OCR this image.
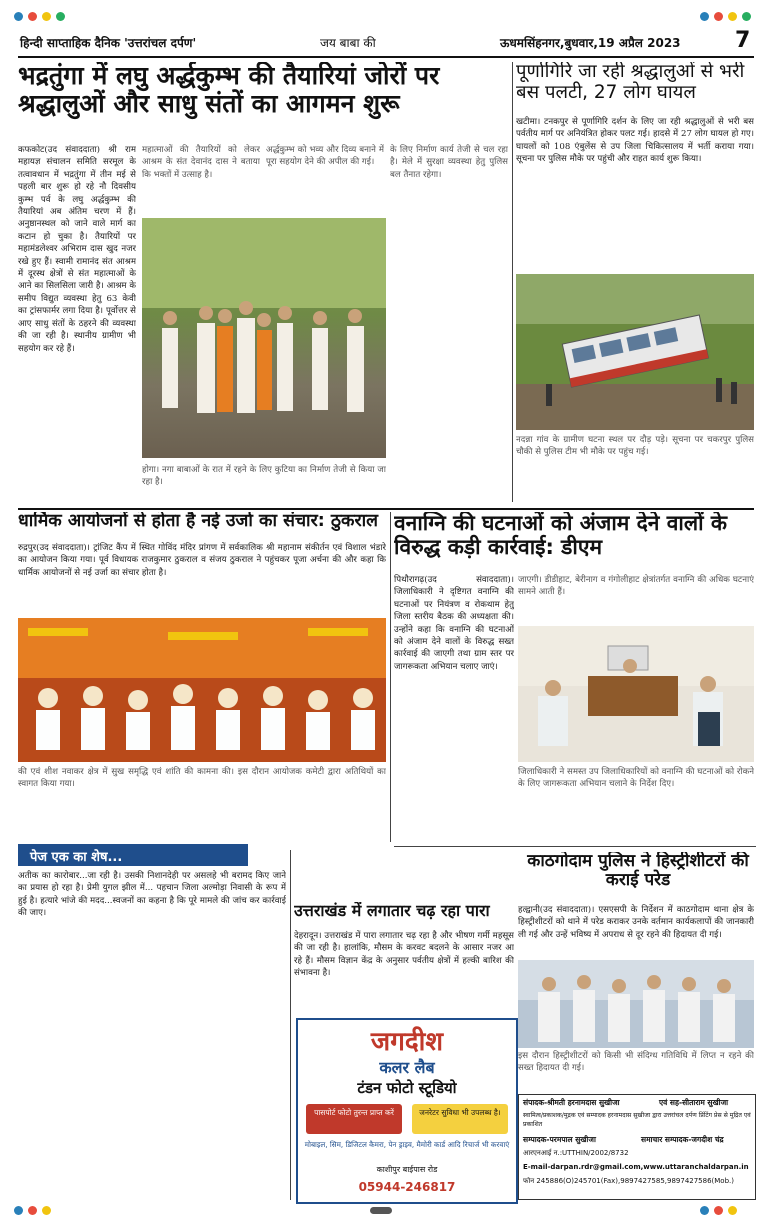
हिन्दी साप्ताहिक दैनिक 'उत्तरांचल दर्पण'	जय बाबा की	ऊधमसिंहनगर,बुधवार,19 अप्रैल 2023 7
भद्रतुंगा में लघु अर्द्धकुम्भ की तैयारियां जोरों पर श्रद्धालुओं और साधु संतों का आगमन शुरू
कफकोट(उद संवाददाता) श्री राम महायज्ञ संचालन समिति सरमूल के तत्वावधान में भद्रतुंगा में तीन मई से पहली बार शुरू हो रहे नौ दिवसीय कुम्भ पर्व के लघु अर्द्धकुम्भ की तैयारियां अब अंतिम चरण में हैं। अनुष्ठानस्थल को जाने वाले मार्ग का कटान हो चुका है। तैयारियों पर महामंडलेश्वर अभिराम दास खुद नजर रखे हुए हैं। स्वामी रामानंद संत आश्रम में दूरस्थ क्षेत्रों से संत महात्माओं के आने का सिलसिला जारी है। आश्रम के समीप विद्युत व्यवस्था हेतु 63 केवी का ट्रांसफार्मर लगा दिया है। पूर्वोत्तर से आए साधु संतों के ठहरने की व्यवस्था की जा रही है। स्थानीय ग्रामीण भी सहयोग कर रहे हैं।
महात्माओं की तैयारियों को लेकर आश्रम के संत देवानंद दास ने बताया कि भक्तों में उत्साह है।
अर्द्धकुम्भ को भव्य और दिव्य बनाने में पूरा सहयोग देने की अपील की गई।
के लिए निर्माण कार्य तेजी से चल रहा है। मेले में सुरक्षा व्यवस्था हेतु पुलिस बल तैनात रहेगा।
होगा। नगा बाबाओं के रात में रहने के लिए कुटिया का निर्माण तेजी से किया जा रहा है।
पूर्णागिरि जा रही श्रद्धालुओं से भरी बस पलटी, 27 लोग घायल
खटीमा। टनकपुर से पूर्णागिरि दर्शन के लिए जा रही श्रद्धालुओं से भरी बस पर्वतीय मार्ग पर अनियंत्रित होकर पलट गई। हादसे में 27 लोग घायल हो गए। घायलों को 108 एंबुलेंस से उप जिला चिकित्सालय में भर्ती कराया गया। सूचना पर पुलिस मौके पर पहुंची और राहत कार्य शुरू किया।
नदन्ना गांव के ग्रामीण घटना स्थल पर दौड़ पड़े। सूचना पर चकरपुर पुलिस चौकी से पुलिस टीम भी मौके पर पहुंच गई।
धार्मिक आयोजनों से होता है नई उर्जा का संचार: ठुकराल
रुद्रपुर(उद संवाददाता)। ट्रांजिट कैंप में स्थित गोविंद मंदिर प्रांगण में सर्वकालिक श्री महानाम संकीर्तन एवं विशाल भंडारे का आयोजन किया गया। पूर्व विधायक राजकुमार ठुकराल व संजय ठुकराल ने पहुंचकर पूजा अर्चना की और कहा कि धार्मिक आयोजनों से नई उर्जा का संचार होता है।
की एवं शीश नवाकर क्षेत्र में सुख समृद्धि एवं शांति की कामना की। इस दौरान आयोजक कमेटी द्वारा अतिथियों का स्वागत किया गया।
वनाग्नि की घटनाओं को अंजाम देने वालों के विरुद्ध कड़ी कार्रवाई: डीएम
पिथौरागढ़(उद संवाददाता)। जिलाधिकारी ने दृष्टिगत वनाग्नि की घटनाओं पर नियंत्रण व रोकथाम हेतु जिला स्तरीय बैठक की अध्यक्षता की। उन्होंने कहा कि वनाग्नि की घटनाओं को अंजाम देने वालों के विरुद्ध सख्त कार्रवाई की जाएगी तथा ग्राम स्तर पर जागरूकता अभियान चलाए जाएं।
जाएगी। डीडीहाट, बेरीनाग व गंगोलीहाट क्षेत्रांतर्गत वनाग्नि की अधिक घटनाएं सामने आती हैं।
जिलाधिकारी ने समस्त उप जिलाधिकारियों को वनाग्नि की घटनाओं को रोकने के लिए जागरूकता अभियान चलाने के निर्देश दिए।
काठगोदाम पुलिस ने हिस्ट्रीशीटरों की कराई परेड
हल्द्वानी(उद संवाददाता)। एसएसपी के निर्देशन में काठगोदाम थाना क्षेत्र के हिस्ट्रीशीटरों को थाने में परेड कराकर उनके वर्तमान कार्यकलापों की जानकारी ली गई और उन्हें भविष्य में अपराध से दूर रहने की हिदायत दी गई।
इस दौरान हिस्ट्रीशीटरों को किसी भी संदिग्ध गतिविधि में लिप्त न रहने की सख्त हिदायत दी गई।
संपादक-श्रीमती हरनामदास सुखीजा	एवं सह-सीताराम सुखीजा
स्वामित्व/प्रकाशक/मुद्रक एवं सम्पादक हरनामदास सुखीजा द्वारा उत्तरांचल दर्पण प्रिंटिंग प्रेस से मुद्रित एवं प्रकाशित
सम्पादक-परमपाल सुखीजा	समाचार सम्पादक-जगदीश चंद्र
आरएनआई न.:UTTHIN/2002/8732
E-mail-darpan.rdr@gmail.com,www.uttaranchaldarpan.in
फोन 245886(O)245701(Fax),9897427585,9897427586(Mob.)
पेज एक का शेष...
अतीक का कारोबार...जा रही है। उसकी निशानदेही पर असलहे भी बरामद किए जाने का प्रयास हो रहा है। प्रेमी युगल झील में... पहचान जिला अल्मोड़ा निवासी के रूप में हुई है। हत्यारे भांजे की मदद...स्वजनों का कहना है कि पूरे मामले की जांच कर कार्रवाई की जाए।	उत्तराखंड में लगातार चढ़ रहा पारा
देहरादून। उत्तराखंड में पारा लगातार चढ़ रहा है और भीषण गर्मी महसूस की जा रही है। हालांकि, मौसम के करवट बदलने के आसार नजर आ रहे हैं। मौसम विज्ञान केंद्र के अनुसार पर्वतीय क्षेत्रों में हल्की बारिश की संभावना है।
जगदीश
कलर लैब
टंडन फोटो स्टूडियो
पासपोर्ट फोटो तुरन्त प्राप्त करें	जनरेटर सुविधा भी उपलब्ध है।
मोबाइल, सिम, डिजिटल कैमरा, पेन ड्राइव, मैमोरी कार्ड आदि रिचार्ज भी करवाएं
काशीपुर बाईपास रोड
05944-246817
